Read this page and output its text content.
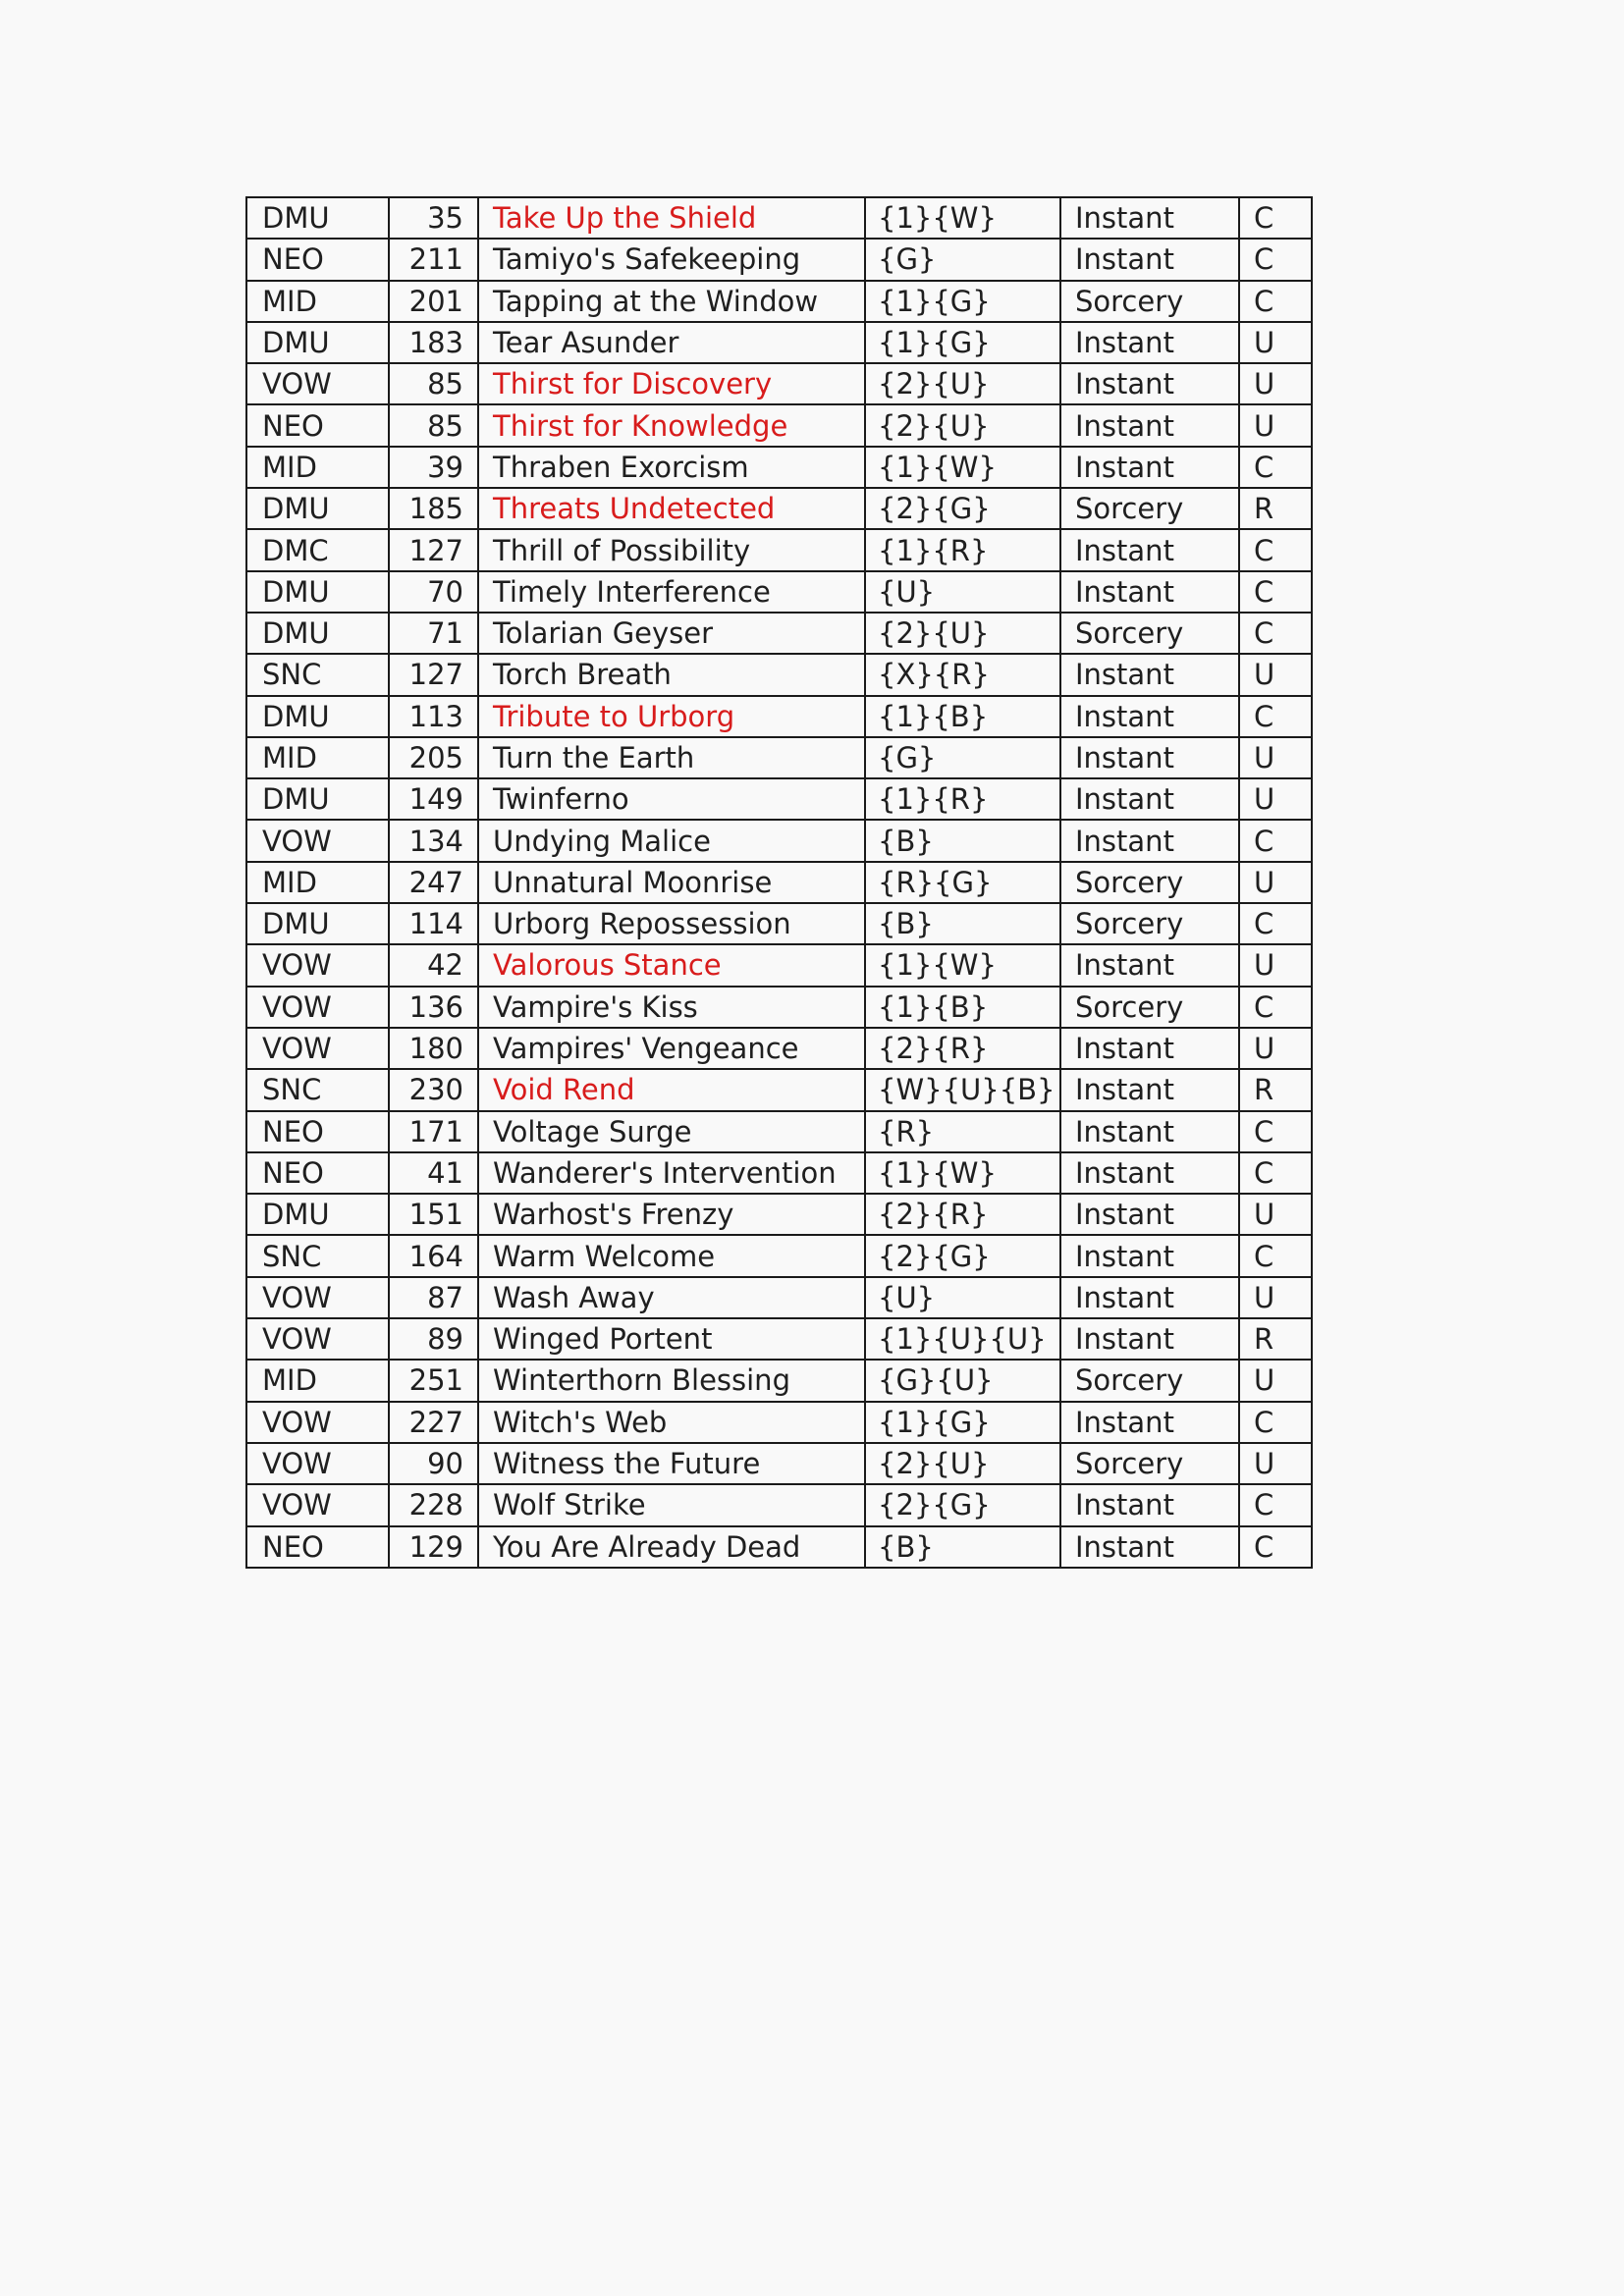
DMU	35	Take Up the Shield	{1}{W}	Instant	C
NEO	211	Tamiyo's Safekeeping	{G}	Instant	C
MID	201	Tapping at the Window	{1}{G}	Sorcery	C
DMU	183	Tear Asunder	{1}{G}	Instant	U
VOW	85	Thirst for Discovery	{2}{U}	Instant	U
NEO	85	Thirst for Knowledge	{2}{U}	Instant	U
MID	39	Thraben Exorcism	{1}{W}	Instant	C
DMU	185	Threats Undetected	{2}{G}	Sorcery	R
DMC	127	Thrill of Possibility	{1}{R}	Instant	C
DMU	70	Timely Interference	{U}	Instant	C
DMU	71	Tolarian Geyser	{2}{U}	Sorcery	C
SNC	127	Torch Breath	{X}{R}	Instant	U
DMU	113	Tribute to Urborg	{1}{B}	Instant	C
MID	205	Turn the Earth	{G}	Instant	U
DMU	149	Twinferno	{1}{R}	Instant	U
VOW	134	Undying Malice	{B}	Instant	C
MID	247	Unnatural Moonrise	{R}{G}	Sorcery	U
DMU	114	Urborg Repossession	{B}	Sorcery	C
VOW	42	Valorous Stance	{1}{W}	Instant	U
VOW	136	Vampire's Kiss	{1}{B}	Sorcery	C
VOW	180	Vampires' Vengeance	{2}{R}	Instant	U
SNC	230	Void Rend	{W}{U}{B}	Instant	R
NEO	171	Voltage Surge	{R}	Instant	C
NEO	41	Wanderer's Intervention	{1}{W}	Instant	C
DMU	151	Warhost's Frenzy	{2}{R}	Instant	U
SNC	164	Warm Welcome	{2}{G}	Instant	C
VOW	87	Wash Away	{U}	Instant	U
VOW	89	Winged Portent	{1}{U}{U}	Instant	R
MID	251	Winterthorn Blessing	{G}{U}	Sorcery	U
VOW	227	Witch's Web	{1}{G}	Instant	C
VOW	90	Witness the Future	{2}{U}	Sorcery	U
VOW	228	Wolf Strike	{2}{G}	Instant	C
NEO	129	You Are Already Dead	{B}	Instant	C
